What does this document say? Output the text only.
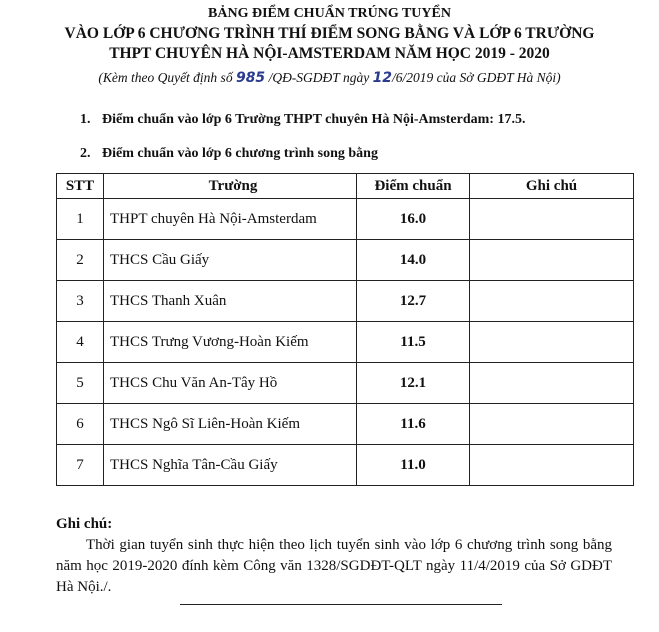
BẢNG ĐIỂM CHUẨN TRÚNG TUYỂN
VÀO LỚP 6 CHƯƠNG TRÌNH THÍ ĐIỂM SONG BẰNG VÀ LỚP 6 TRƯỜNG
THPT CHUYÊN HÀ NỘI-AMSTERDAM NĂM HỌC 2019 - 2020
(Kèm theo Quyết định số 985 /QĐ-SGDĐT ngày 12/6/2019 của Sở GDĐT Hà Nội)
1. Điểm chuẩn vào lớp 6 Trường THPT chuyên Hà Nội-Amsterdam: 17.5.
2. Điểm chuẩn vào lớp 6 chương trình song bằng
STT	Trường	Điểm chuẩn	Ghi chú
1	THPT chuyên Hà Nội-Amsterdam	16.0	
2	THCS Cầu Giấy	14.0	
3	THCS Thanh Xuân	12.7	
4	THCS Trưng Vương-Hoàn Kiếm	11.5	
5	THCS Chu Văn An-Tây Hồ	12.1	
6	THCS Ngô Sĩ Liên-Hoàn Kiếm	11.6	
7	THCS Nghĩa Tân-Cầu Giấy	11.0	
Ghi chú:
Thời gian tuyển sinh thực hiện theo lịch tuyển sinh vào lớp 6 chương trình song bằng năm học 2019-2020 đính kèm Công văn 1328/SGDĐT-QLT ngày 11/4/2019 của Sở GDĐT Hà Nội./.
